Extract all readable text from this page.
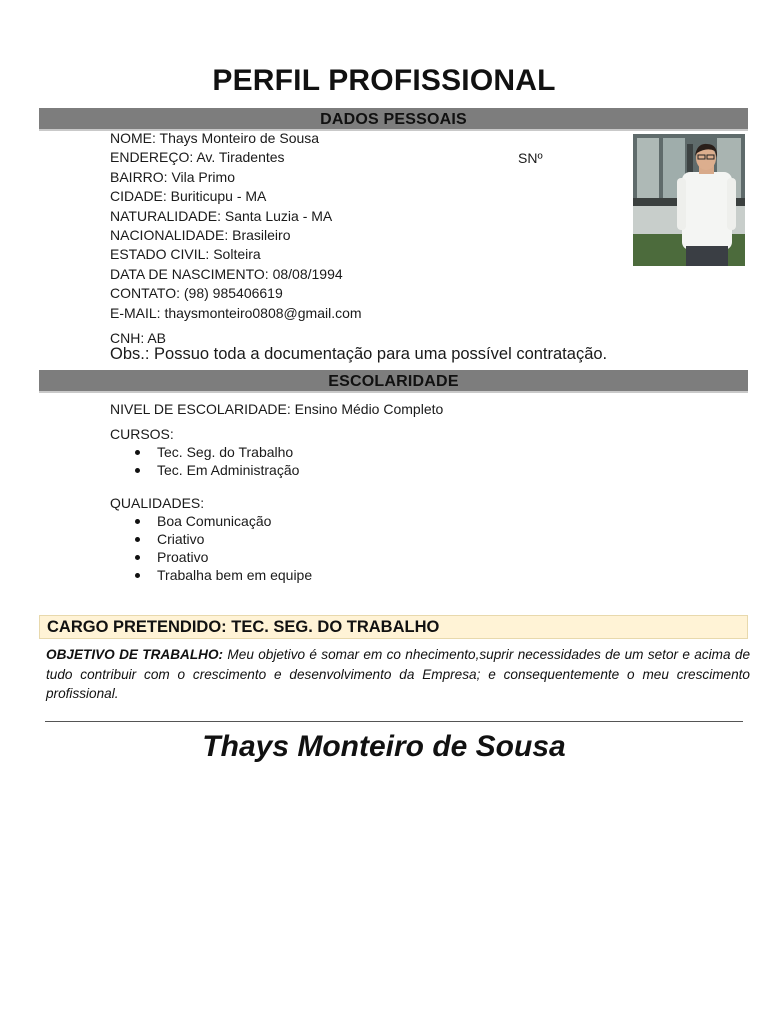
PERFIL PROFISSIONAL
DADOS PESSOAIS
NOME: Thays Monteiro de Sousa
ENDEREÇO: Av. Tiradentes	SNº
BAIRRO: Vila Primo
CIDADE: Buriticupu - MA
NATURALIDADE: Santa Luzia - MA
NACIONALIDADE: Brasileiro
ESTADO CIVIL: Solteira
DATA DE NASCIMENTO: 08/08/1994
CONTATO: (98) 985406619
E-MAIL: thaysmonteiro0808@gmail.com
CNH: AB
Obs.: Possuo toda a documentação para uma possível contratação.
ESCOLARIDADE
NIVEL DE ESCOLARIDADE: Ensino Médio Completo
CURSOS:
Tec. Seg. do Trabalho
Tec. Em Administração
QUALIDADES:
Boa Comunicação
Criativo
Proativo
Trabalha bem em equipe
CARGO PRETENDIDO: TEC. SEG. DO TRABALHO
OBJETIVO DE TRABALHO: Meu objetivo é somar em co nhecimento,suprir necessidades de um setor e acima de tudo contribuir com o crescimento e desenvolvimento da Empresa; e consequentemente o meu crescimento profissional.
Thays Monteiro de Sousa
